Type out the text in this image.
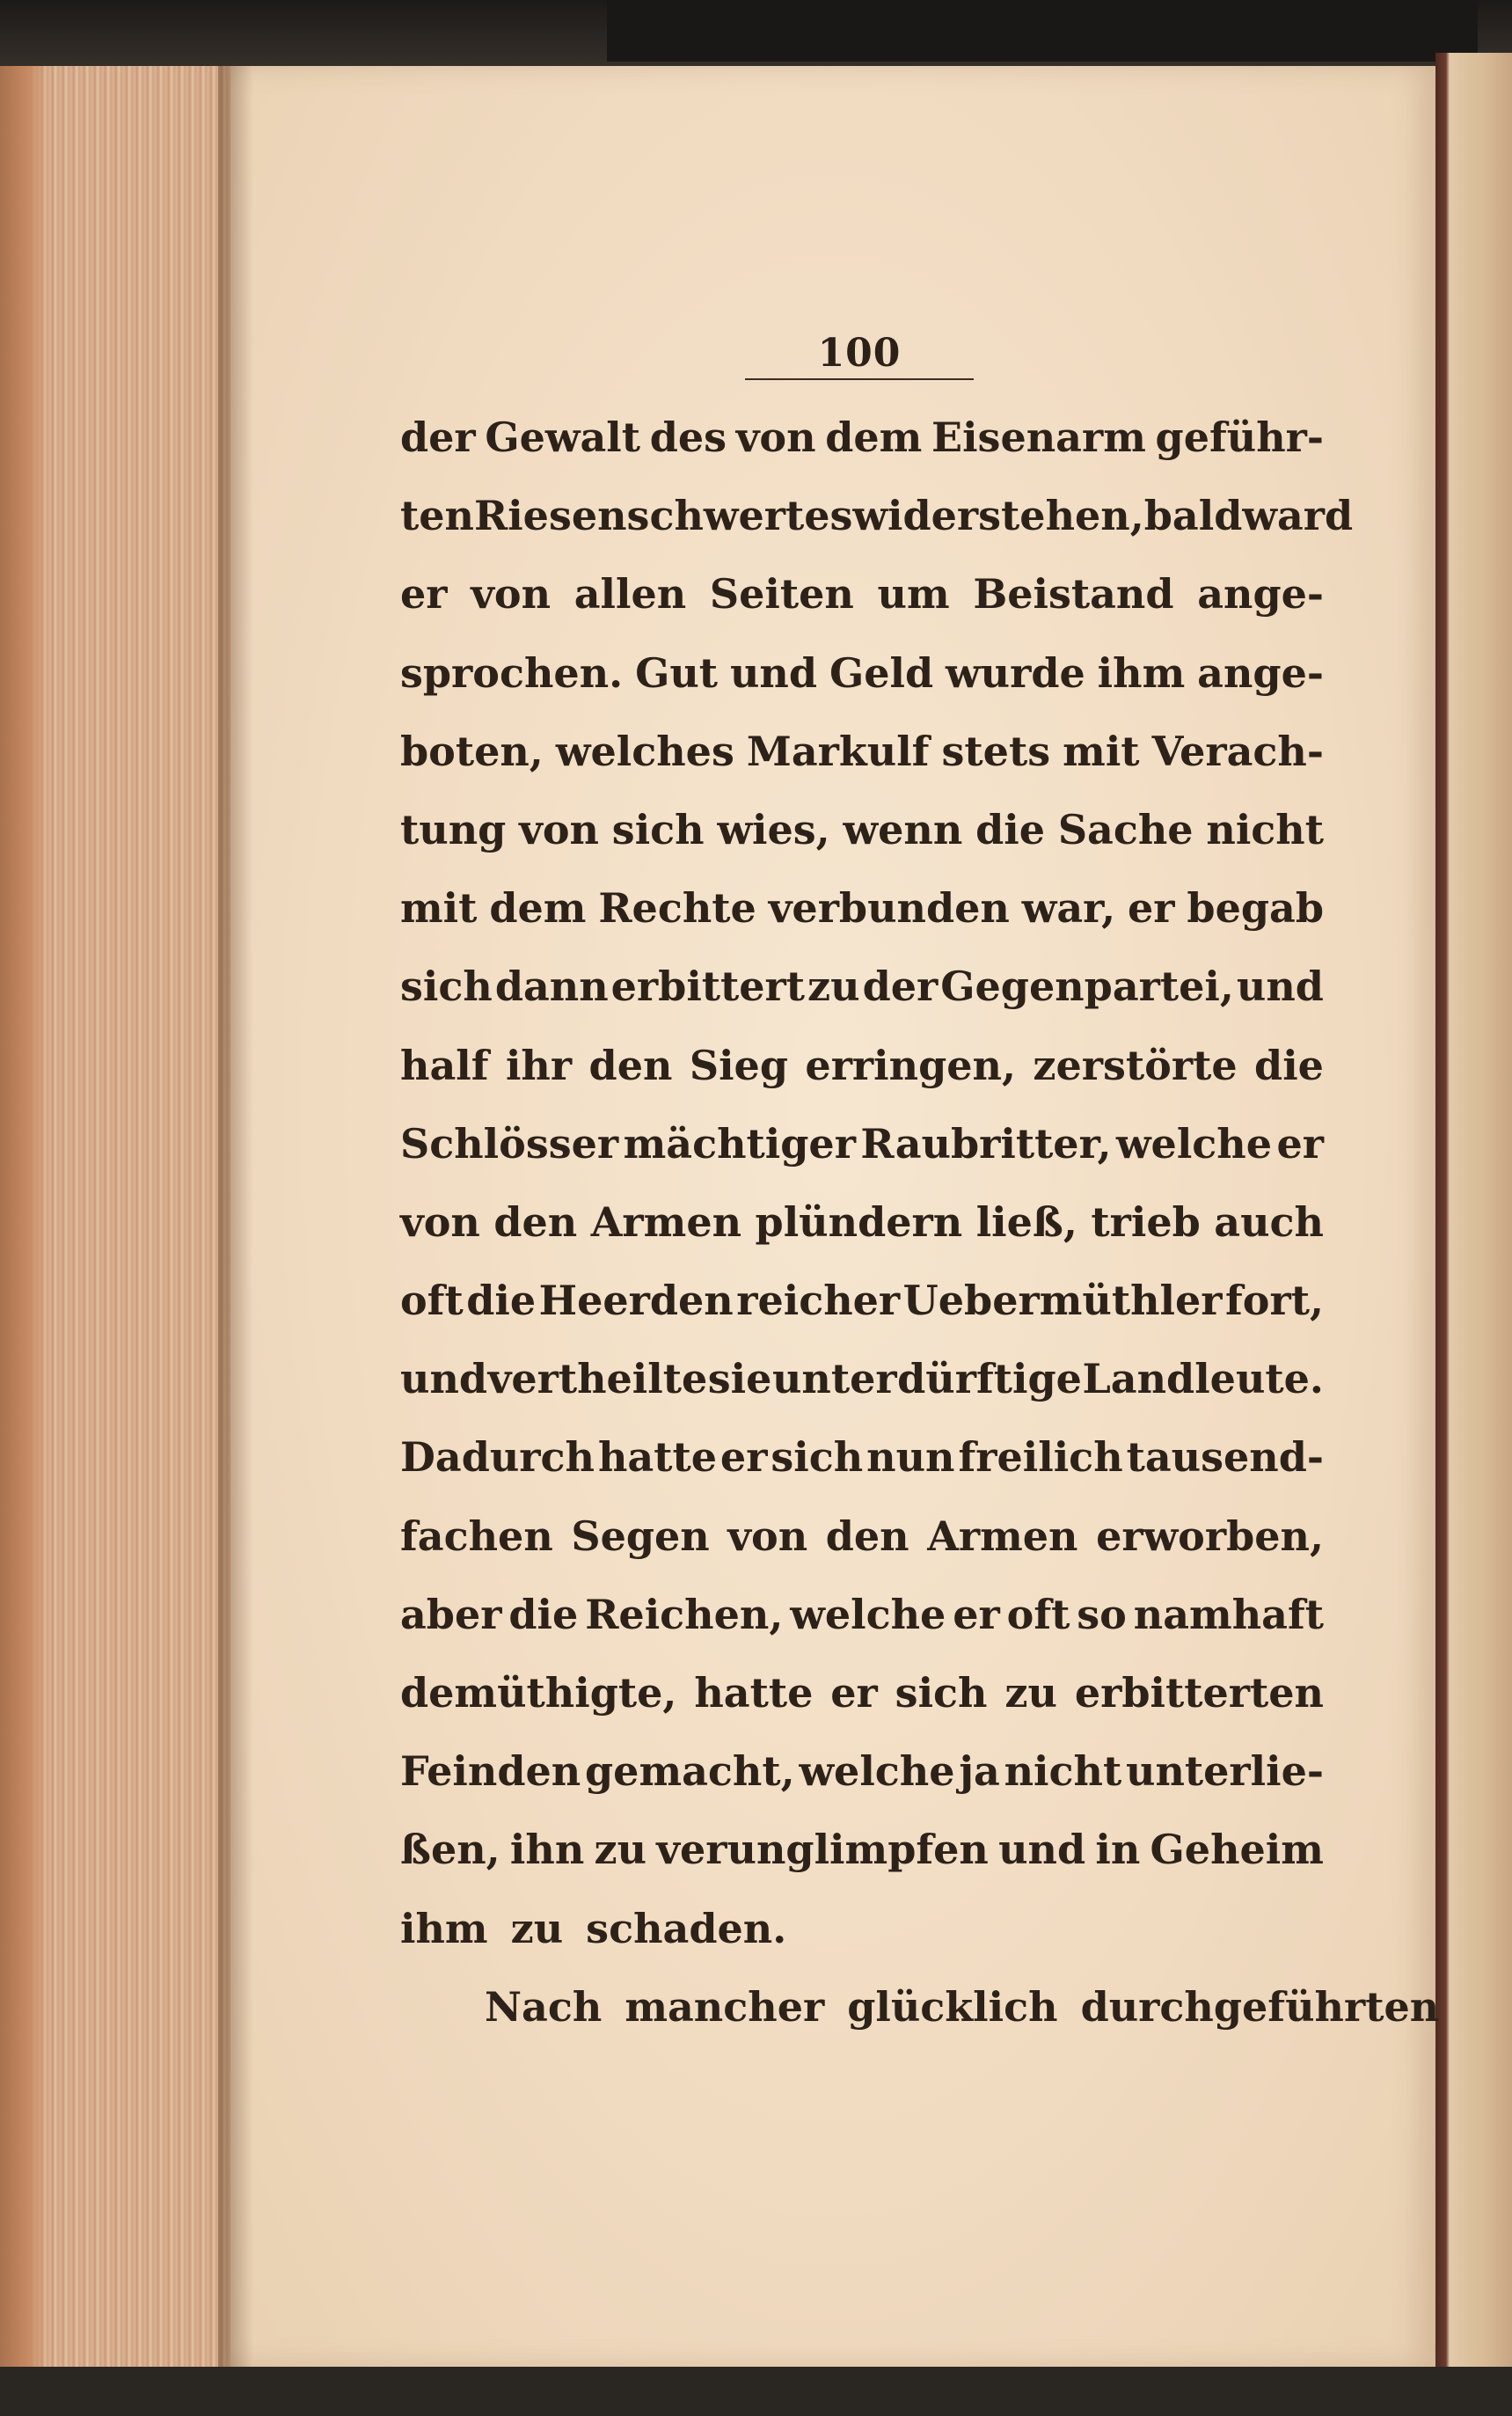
100
der Gewalt des von dem Eisenarm geführ-
ten Riesenschwertes widerstehen, bald ward
er von allen Seiten um Beistand ange-
sprochen. Gut und Geld wurde ihm ange-
boten, welches Markulf stets mit Verach-
tung von sich wies, wenn die Sache nicht
mit dem Rechte verbunden war, er begab
sich dann erbittert zu der Gegenpartei, und
half ihr den Sieg erringen, zerstörte die
Schlösser mächtiger Raubritter, welche er
von den Armen plündern ließ, trieb auch
oft die Heerden reicher Uebermüthler fort,
und vertheilte sie unter dürftige Landleute.
Dadurch hatte er sich nun freilich tausend-
fachen Segen von den Armen erworben,
aber die Reichen, welche er oft so namhaft
demüthigte, hatte er sich zu erbitterten
Feinden gemacht, welche ja nicht unterlie-
ßen, ihn zu verunglimpfen und in Geheim
ihm zu schaden.
Nach mancher glücklich durchgeführten
